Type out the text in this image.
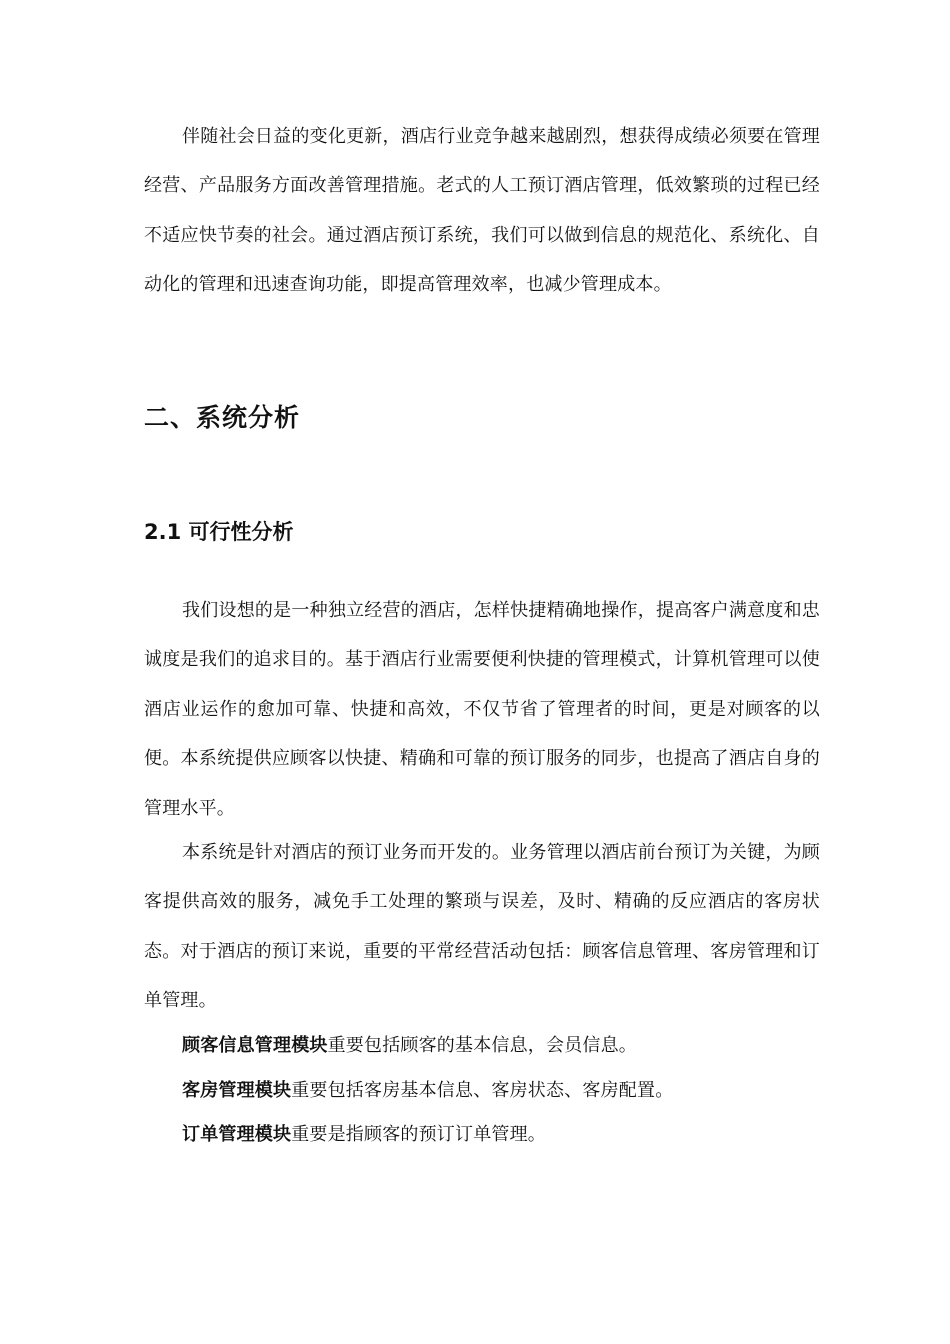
伴随社会日益的变化更新，酒店行业竞争越来越剧烈，想获得成绩必须要在管理经营、产品服务方面改善管理措施。老式的人工预订酒店管理，低效繁琐的过程已经不适应快节奏的社会。通过酒店预订系统，我们可以做到信息的规范化、系统化、自动化的管理和迅速查询功能，即提高管理效率，也减少管理成本。

二、系统分析
2.1 可行性分析

我们设想的是一种独立经营的酒店，怎样快捷精确地操作，提高客户满意度和忠诚度是我们的追求目的。基于酒店行业需要便利快捷的管理模式，计算机管理可以使酒店业运作的愈加可靠、快捷和高效，不仅节省了管理者的时间，更是对顾客的以便。本系统提供应顾客以快捷、精确和可靠的预订服务的同步，也提高了酒店自身的管理水平。

本系统是针对酒店的预订业务而开发的。业务管理以酒店前台预订为关键，为顾客提供高效的服务，减免手工处理的繁琐与误差，及时、精确的反应酒店的客房状态。对于酒店的预订来说，重要的平常经营活动包括：顾客信息管理、客房管理和订单管理。

顾客信息管理模块重要包括顾客的基本信息，会员信息。

客房管理模块重要包括客房基本信息、客房状态、客房配置。

订单管理模块重要是指顾客的预订订单管理。
